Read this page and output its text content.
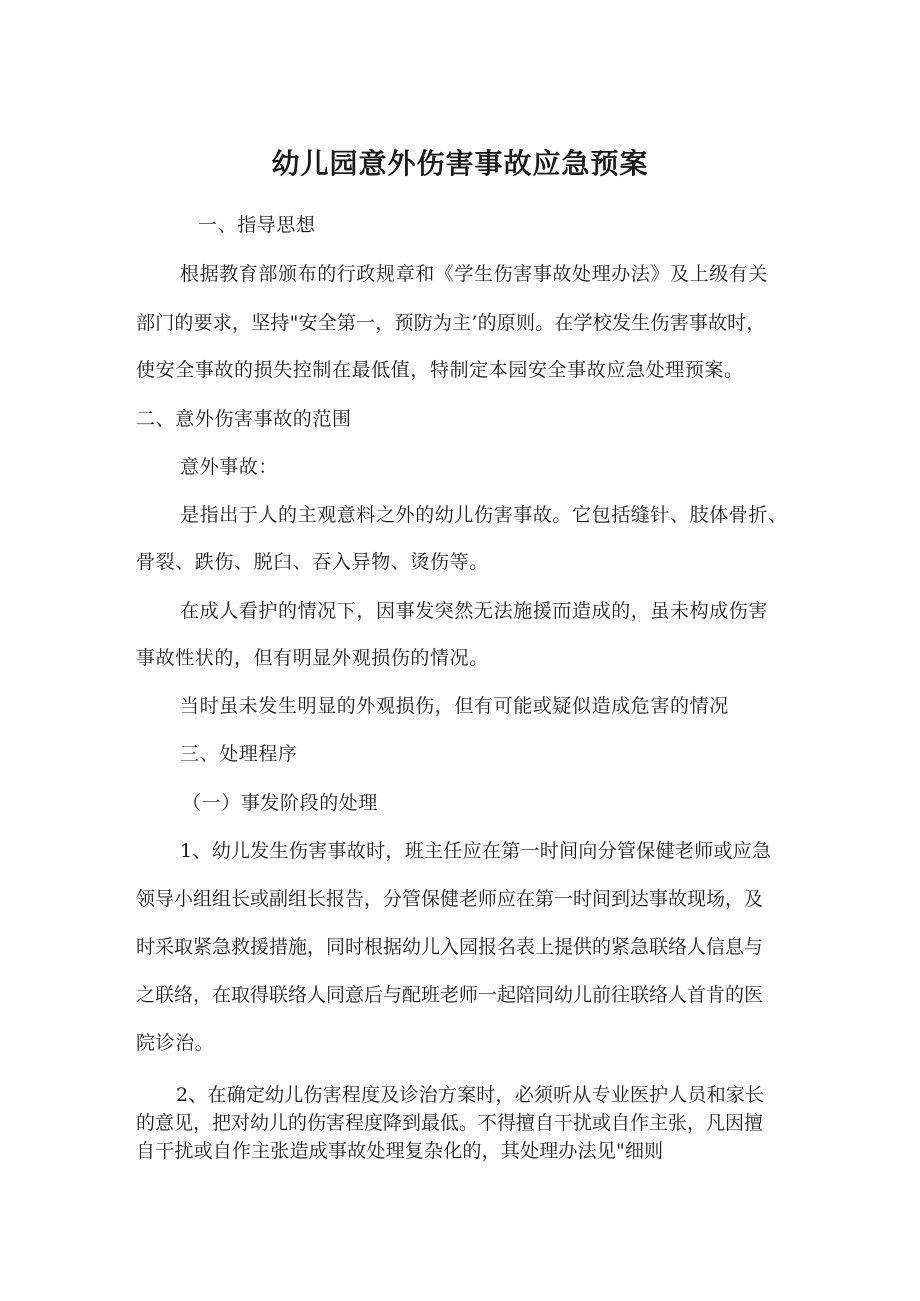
幼儿园意外伤害事故应急预案

一、指导思想

根据教育部颁布的行政规章和《学生伤害事故处理办法》及上级有关

部门的要求，坚持"安全第一，预防为主’的原则。在学校发生伤害事故时，

使安全事故的损失控制在最低值，特制定本园安全事故应急处理预案。

二、意外伤害事故的范围

意外事故：

是指出于人的主观意料之外的幼儿伤害事故。它包括缝针、肢体骨折、

骨裂、跌伤、脱臼、吞入异物、烫伤等。

在成人看护的情况下，因事发突然无法施援而造成的，虽未构成伤害

事故性状的，但有明显外观损伤的情况。

当时虽未发生明显的外观损伤，但有可能或疑似造成危害的情况

三、处理程序

（一）事发阶段的处理

1、幼儿发生伤害事故时，班主任应在第一时间向分管保健老师或应急

领导小组组长或副组长报告，分管保健老师应在第一时间到达事故现场，及

时采取紧急救援措施，同时根据幼儿入园报名表上提供的紧急联络人信息与

之联络，在取得联络人同意后与配班老师一起陪同幼儿前往联络人首肯的医

院诊治。

2、在确定幼儿伤害程度及诊治方案时，必须听从专业医护人员和家长

的意见，把对幼儿的伤害程度降到最低。不得擅自干扰或自作主张，凡因擅

自干扰或自作主张造成事故处理复杂化的，其处理办法见"细则
